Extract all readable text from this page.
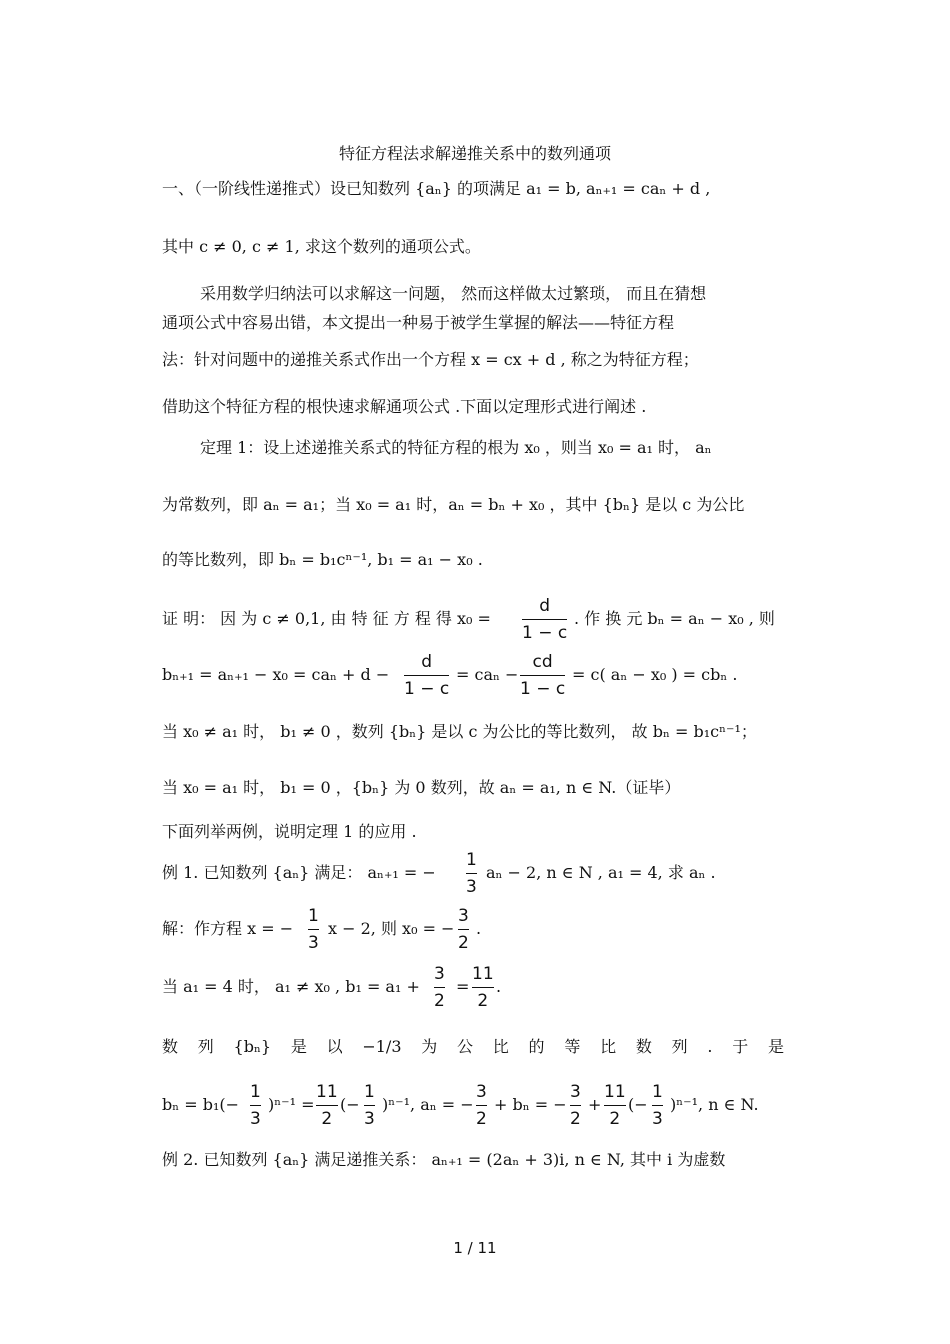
特征方程法求解递推关系中的数列通项
一、（一阶线性递推式）设已知数列 {aₙ} 的项满足 a₁ = b, aₙ₊₁ = caₙ + d ,
其中 c ≠ 0, c ≠ 1, 求这个数列的通项公式。
采用数学归纳法可以求解这一问题， 然而这样做太过繁琐， 而且在猜想
通项公式中容易出错，本文提出一种易于被学生掌握的解法——特征方程
法：针对问题中的递推关系式作出一个方程 x = cx + d , 称之为特征方程；
借助这个特征方程的根快速求解通项公式 .下面以定理形式进行阐述 .
定理 1：设上述递推关系式的特征方程的根为 x₀ ，则当 x₀ = a₁ 时， aₙ
为常数列，即 aₙ = a₁；当 x₀ = a₁ 时，aₙ = bₙ + x₀ ，其中 {bₙ} 是以 c 为公比
的等比数列，即 bₙ = b₁cⁿ⁻¹, b₁ = a₁ − x₀ .
证 明： 因 为 c ≠ 0,1, 由 特 征 方 程 得 x₀ =
d
1 − c
. 作 换 元 bₙ = aₙ − x₀ , 则
bₙ₊₁ = aₙ₊₁ − x₀ = caₙ + d −
d
1 − c
= caₙ −
cd
1 − c
= c( aₙ − x₀ ) = cbₙ .
当 x₀ ≠ a₁ 时， b₁ ≠ 0 ，数列 {bₙ} 是以 c 为公比的等比数列， 故 bₙ = b₁cⁿ⁻¹；
当 x₀ = a₁ 时， b₁ = 0 ，{bₙ} 为 0 数列，故 aₙ = a₁, n ∈ N.（证毕）
下面列举两例，说明定理 1 的应用 .
例 1. 已知数列 {aₙ} 满足： aₙ₊₁ = −
1
3
aₙ − 2, n ∈ N , a₁ = 4, 求 aₙ .
解：作方程 x = −
1
3
x − 2, 则 x₀ = −
3
2
.
当 a₁ = 4 时， a₁ ≠ x₀ , b₁ = a₁ +
3
2
=
11
2
.
数 列 {bₙ} 是 以 −1/3 为 公 比 的 等 比 数 列 . 于 是
bₙ = b₁(−
1
3
)ⁿ⁻¹ =
11
2
(−
1
3
)ⁿ⁻¹, aₙ = −
3
2
+ bₙ = −
3
2
+
11
2
(−
1
3
)ⁿ⁻¹, n ∈ N.
例 2. 已知数列 {aₙ} 满足递推关系： aₙ₊₁ = (2aₙ + 3)i, n ∈ N, 其中 i 为虚数
1 / 11
